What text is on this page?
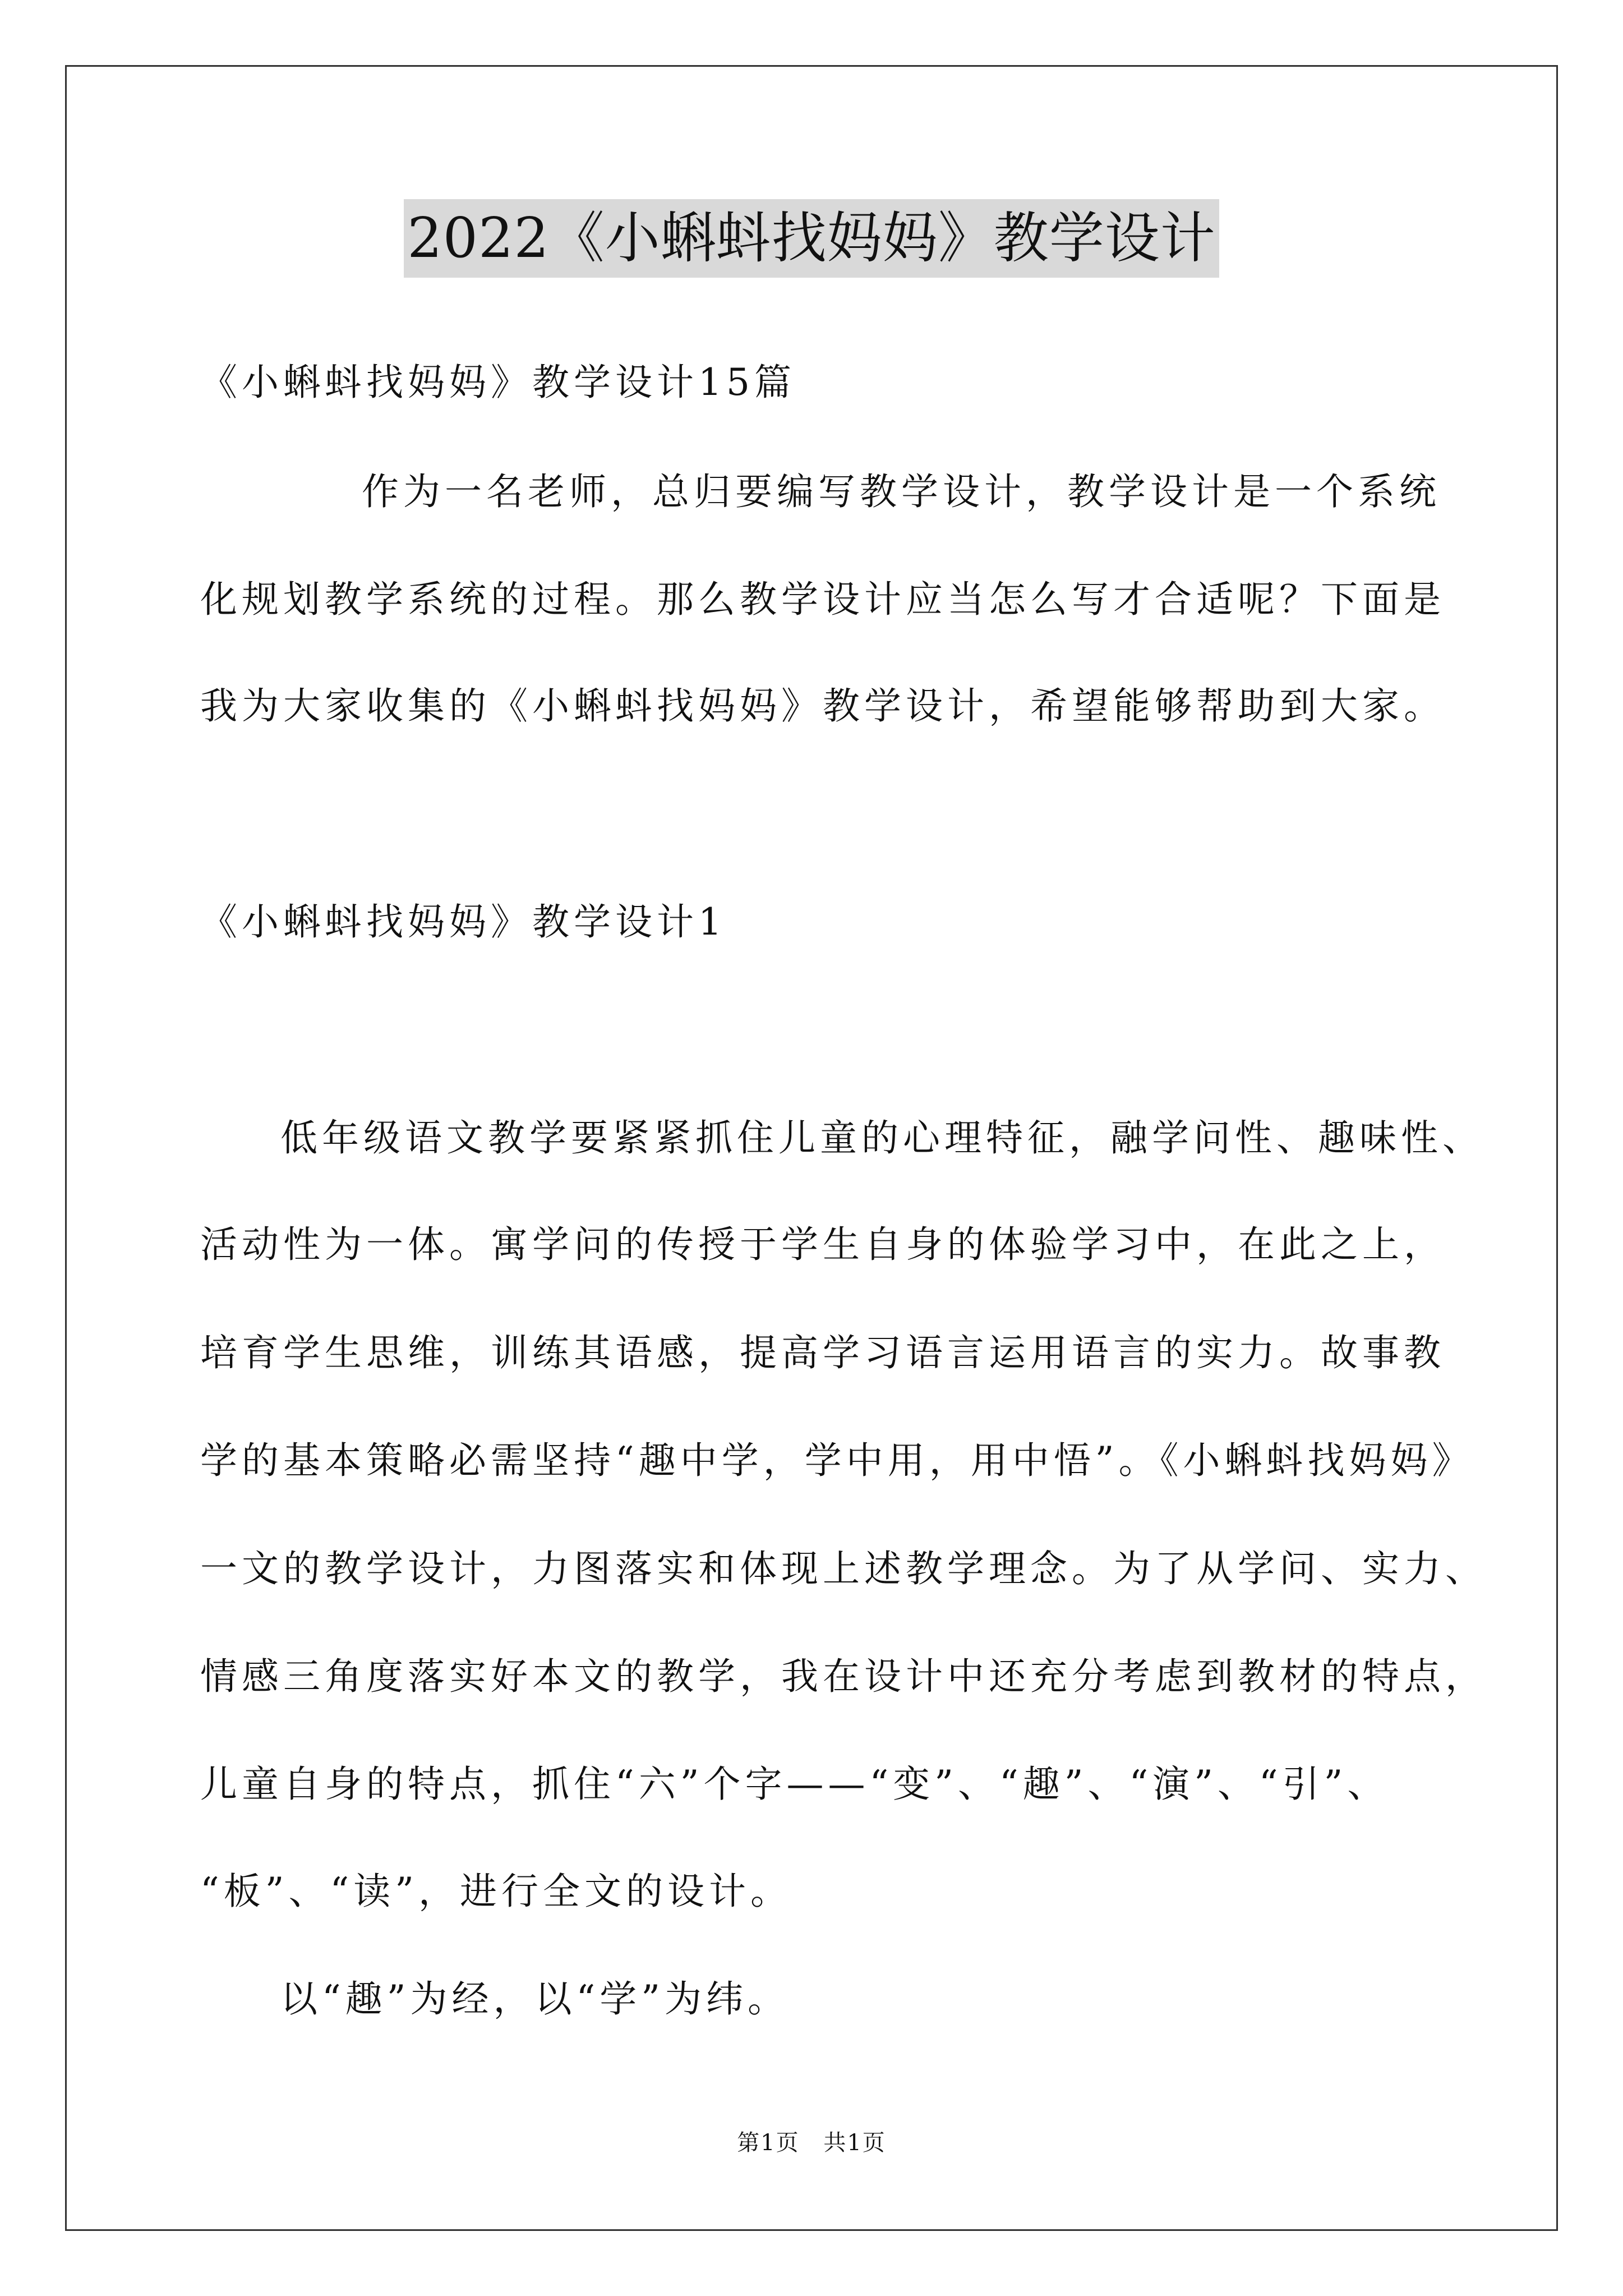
2022《小蝌蚪找妈妈》教学设计
《小蝌蚪找妈妈》教学设计15篇
作为一名老师，总归要编写教学设计，教学设计是一个系统
化规划教学系统的过程。那么教学设计应当怎么写才合适呢？下面是
我为大家收集的《小蝌蚪找妈妈》教学设计，希望能够帮助到大家。
《小蝌蚪找妈妈》教学设计1
低年级语文教学要紧紧抓住儿童的心理特征，融学问性、趣味性、
活动性为一体。寓学问的传授于学生自身的体验学习中，在此之上，
培育学生思维，训练其语感，提高学习语言运用语言的实力。故事教
学的基本策略必需坚持“趣中学，学中用，用中悟”。《小蝌蚪找妈妈》
一文的教学设计，力图落实和体现上述教学理念。为了从学问、实力、
情感三角度落实好本文的教学，我在设计中还充分考虑到教材的特点，
儿童自身的特点，抓住“六”个字——“变”、“趣”、“演”、“引”、
“板”、“读”，进行全文的设计。
以“趣”为经，以“学”为纬。
第1页 共1页
